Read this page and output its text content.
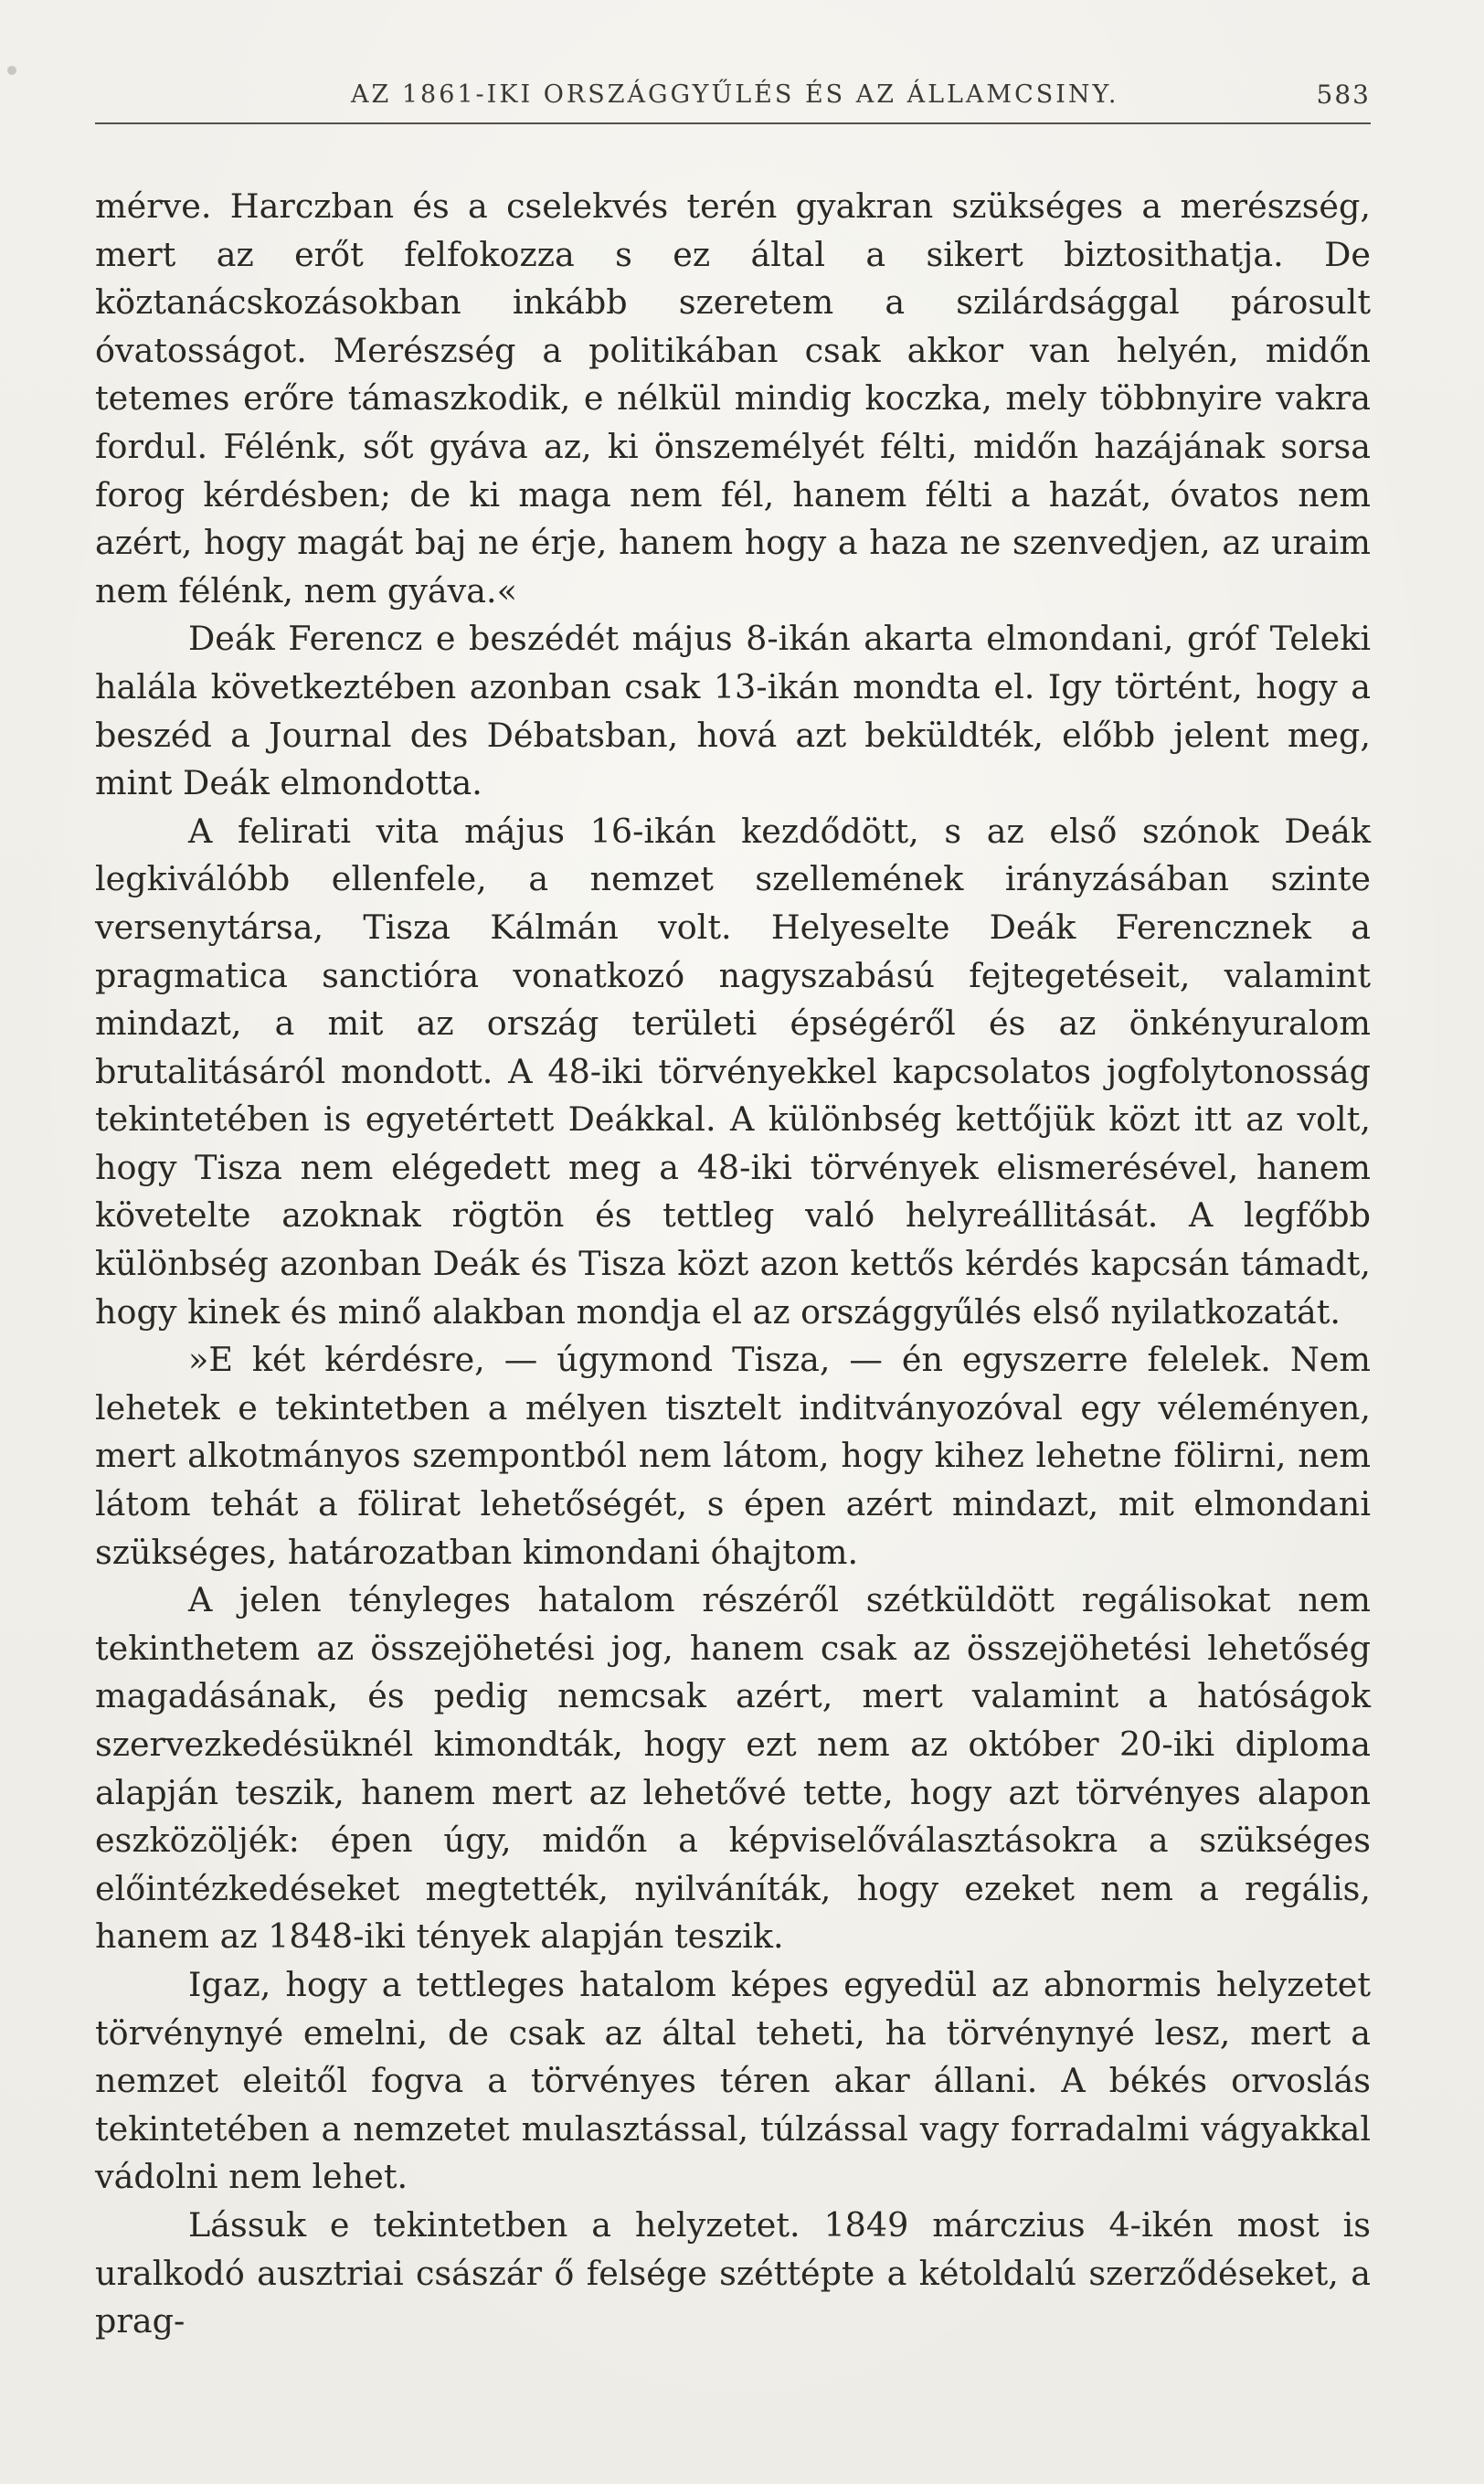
AZ 1861-IKI ORSZÁGGYŰLÉS ÉS AZ ÁLLAMCSINY.	583

mérve. Harczban és a cselekvés terén gyakran szükséges a merészség, mert az erőt felfokozza s ez által a sikert biztosithatja. De köztanácskozásokban inkább szeretem a szilárdsággal párosult óvatosságot. Merészség a politikában csak akkor van helyén, midőn tetemes erőre támaszkodik, e nélkül mindig koczka, mely többnyire vakra fordul. Félénk, sőt gyáva az, ki önszemélyét félti, midőn hazájának sorsa forog kérdésben; de ki maga nem fél, hanem félti a hazát, óvatos nem azért, hogy magát baj ne érje, hanem hogy a haza ne szenvedjen, az uraim nem félénk, nem gyáva.«

Deák Ferencz e beszédét május 8-ikán akarta elmondani, gróf Teleki halála következtében azonban csak 13-ikán mondta el. Igy történt, hogy a beszéd a Journal des Débatsban, hová azt beküldték, előbb jelent meg, mint Deák elmondotta.

A felirati vita május 16-ikán kezdődött, s az első szónok Deák legkiválóbb ellenfele, a nemzet szellemének irányzásában szinte versenytársa, Tisza Kálmán volt. Helyeselte Deák Ferencznek a pragmatica sanctióra vonatkozó nagyszabású fejtegetéseit, valamint mindazt, a mit az ország területi épségéről és az önkényuralom brutalitásáról mondott. A 48-iki törvényekkel kapcsolatos jogfolytonosság tekintetében is egyetértett Deákkal. A különbség kettőjük közt itt az volt, hogy Tisza nem elégedett meg a 48-iki törvények elismerésével, hanem követelte azoknak rögtön és tettleg való helyreállitását. A legfőbb különbség azonban Deák és Tisza közt azon kettős kérdés kapcsán támadt, hogy kinek és minő alakban mondja el az országgyűlés első nyilatkozatát.

»E két kérdésre, — úgymond Tisza, — én egyszerre felelek. Nem lehetek e tekintetben a mélyen tisztelt inditványozóval egy véleményen, mert alkotmányos szempontból nem látom, hogy kihez lehetne fölirni, nem látom tehát a fölirat lehetőségét, s épen azért mindazt, mit elmondani szükséges, határozatban kimondani óhajtom.

A jelen tényleges hatalom részéről szétküldött regálisokat nem tekinthetem az összejöhetési jog, hanem csak az összejöhetési lehetőség magadásának, és pedig nemcsak azért, mert valamint a hatóságok szervezkedésüknél kimondták, hogy ezt nem az október 20-iki diploma alapján teszik, hanem mert az lehetővé tette, hogy azt törvényes alapon eszközöljék: épen úgy, midőn a képviselőválasztásokra a szükséges előintézkedéseket megtették, nyilváníták, hogy ezeket nem a regális, hanem az 1848-iki tények alapján teszik.

Igaz, hogy a tettleges hatalom képes egyedül az abnormis helyzetet törvénynyé emelni, de csak az által teheti, ha törvénynyé lesz, mert a nemzet eleitől fogva a törvényes téren akar állani. A békés orvoslás tekintetében a nemzetet mulasztással, túlzással vagy forradalmi vágyakkal vádolni nem lehet.

Lássuk e tekintetben a helyzetet. 1849 márczius 4-ikén most is uralkodó ausztriai császár ő felsége széttépte a kétoldalú szerződéseket, a prag-
